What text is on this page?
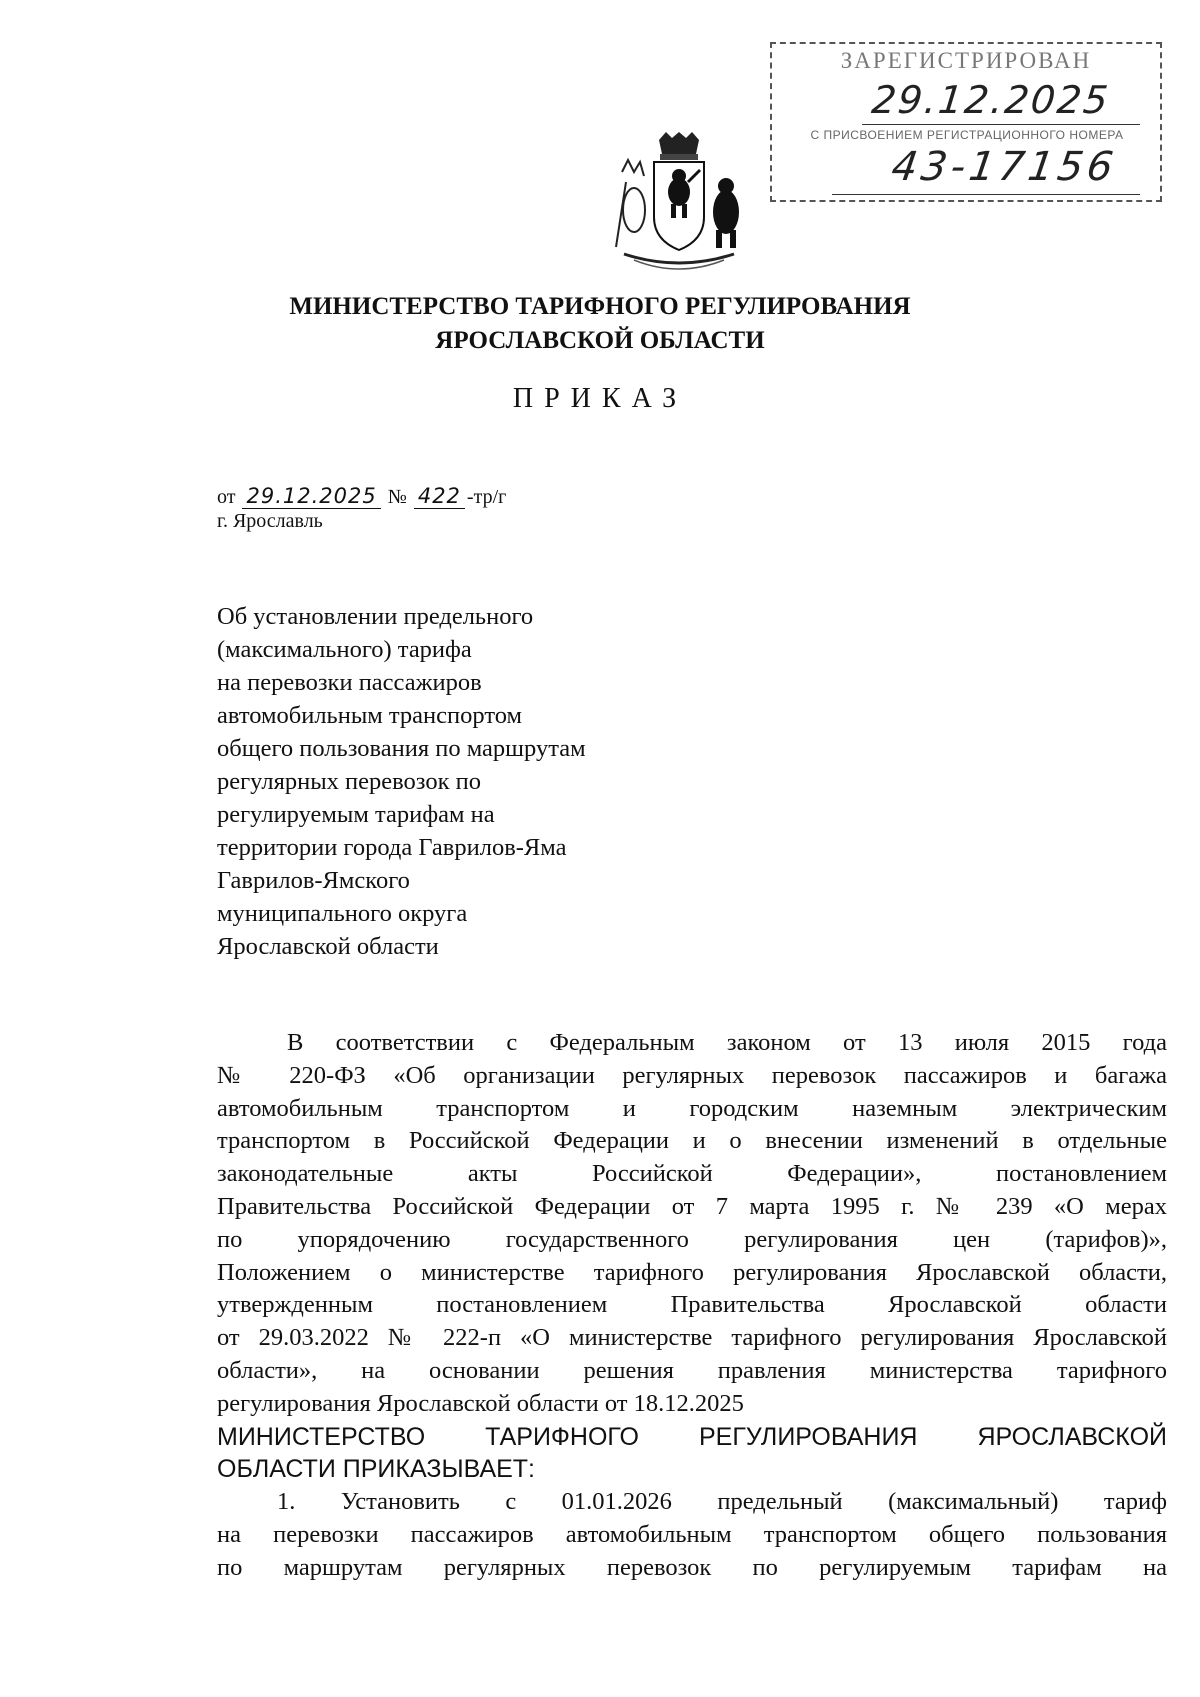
ЗАРЕГИСТРИРОВАН
29.12.2025
С ПРИСВОЕНИЕМ РЕГИСТРАЦИОННОГО НОМЕРА
43-17156
МИНИСТЕРСТВО ТАРИФНОГО РЕГУЛИРОВАНИЯ
ЯРОСЛАВСКОЙ ОБЛАСТИ
ПРИКАЗ
от 29.12.2025 № 422 -тр/г
г. Ярославль
Об установлении предельного
(максимального) тарифа
на перевозки пассажиров
автомобильным транспортом
общего пользования по маршрутам
регулярных перевозок по
регулируемым тарифам на
территории города Гаврилов-Яма
Гаврилов-Ямского
муниципального округа
Ярославской области
В соответствии с Федеральным законом от 13 июля 2015 года
№ 220-ФЗ «Об организации регулярных перевозок пассажиров и багажа
автомобильным транспортом и городским наземным электрическим
транспортом в Российской Федерации и о внесении изменений в отдельные
законодательные акты Российской Федерации», постановлением
Правительства Российской Федерации от 7 марта 1995 г. № 239 «О мерах
по упорядочению государственного регулирования цен (тарифов)»,
Положением о министерстве тарифного регулирования Ярославской области,
утвержденным постановлением Правительства Ярославской области
от 29.03.2022 № 222-п «О министерстве тарифного регулирования Ярославской
области», на основании решения правления министерства тарифного
регулирования Ярославской области от 18.12.2025
МИНИСТЕРСТВО ТАРИФНОГО РЕГУЛИРОВАНИЯ ЯРОСЛАВСКОЙ
ОБЛАСТИ ПРИКАЗЫВАЕТ:
1. Установить с 01.01.2026 предельный (максимальный) тариф
на перевозки пассажиров автомобильным транспортом общего пользования
по маршрутам регулярных перевозок по регулируемым тарифам на
